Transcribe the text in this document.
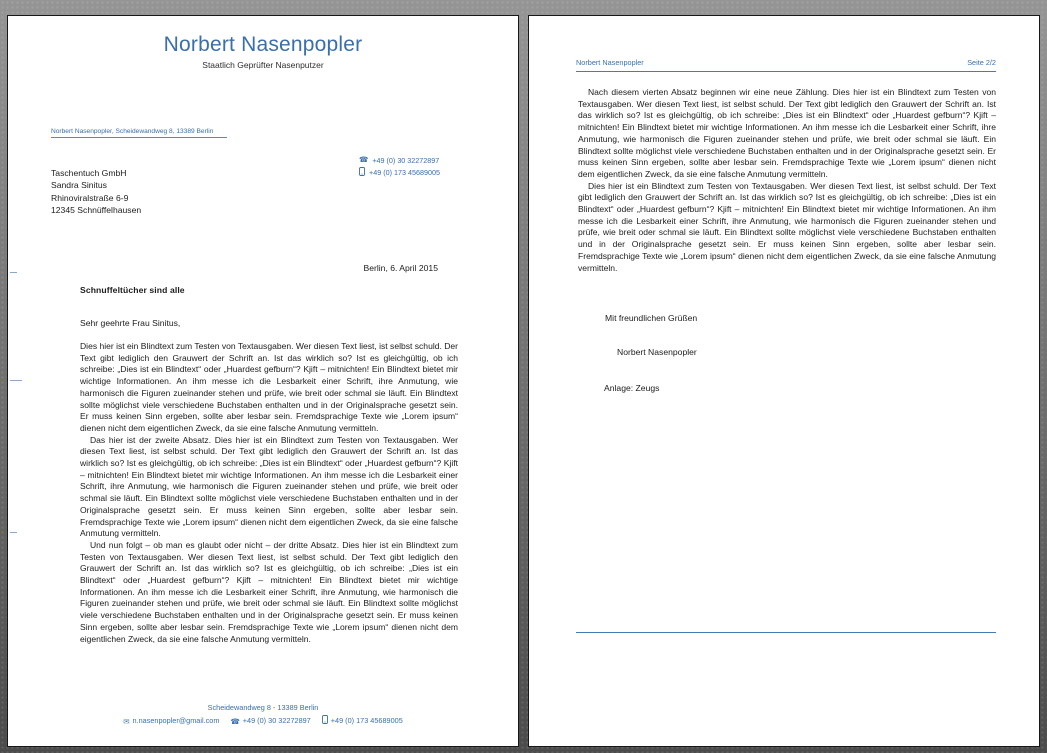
Norbert Nasenpopler
Staatlich Geprüfter Nasenputzer
Norbert Nasenpopler, Scheidewandweg 8, 13389 Berlin
☎ +49 (0) 30 32272897
+49 (0) 173 45689005
Taschentuch GmbH
Sandra Sinitus
Rhinoviralstraße 6-9
12345 Schnüffelhausen
Berlin, 6. April 2015
Schnuffeltücher sind alle
Sehr geehrte Frau Sinitus,

Dies hier ist ein Blindtext zum Testen von Textausgaben. Wer diesen Text liest, ist selbst schuld. Der Text gibt lediglich den Grauwert der Schrift an. Ist das wirklich so? Ist es gleichgültig, ob ich schreibe: „Dies ist ein Blindtext“ oder „Huardest gefburn“? Kjift – mitnichten! Ein Blindtext bietet mir wichtige Informationen. An ihm messe ich die Lesbarkeit einer Schrift, ihre Anmutung, wie harmonisch die Figuren zueinander stehen und prüfe, wie breit oder schmal sie läuft. Ein Blindtext sollte möglichst viele verschiedene Buchstaben enthalten und in der Originalsprache gesetzt sein. Er muss keinen Sinn ergeben, sollte aber lesbar sein. Fremdsprachige Texte wie „Lorem ipsum“ dienen nicht dem eigentlichen Zweck, da sie eine falsche Anmutung vermitteln.

Das hier ist der zweite Absatz. Dies hier ist ein Blindtext zum Testen von Textausgaben. Wer diesen Text liest, ist selbst schuld. Der Text gibt lediglich den Grauwert der Schrift an. Ist das wirklich so? Ist es gleichgültig, ob ich schreibe: „Dies ist ein Blindtext“ oder „Huardest gefburn“? Kjift – mitnichten! Ein Blindtext bietet mir wichtige Informationen. An ihm messe ich die Lesbarkeit einer Schrift, ihre Anmutung, wie harmonisch die Figuren zueinander stehen und prüfe, wie breit oder schmal sie läuft. Ein Blindtext sollte möglichst viele verschiedene Buchstaben enthalten und in der Originalsprache gesetzt sein. Er muss keinen Sinn ergeben, sollte aber lesbar sein. Fremdsprachige Texte wie „Lorem ipsum“ dienen nicht dem eigentlichen Zweck, da sie eine falsche Anmutung vermitteln.

Und nun folgt – ob man es glaubt oder nicht – der dritte Absatz. Dies hier ist ein Blindtext zum Testen von Textausgaben. Wer diesen Text liest, ist selbst schuld. Der Text gibt lediglich den Grauwert der Schrift an. Ist das wirklich so? Ist es gleichgültig, ob ich schreibe: „Dies ist ein Blindtext“ oder „Huardest gefburn“? Kjift – mitnichten! Ein Blindtext bietet mir wichtige Informationen. An ihm messe ich die Lesbarkeit einer Schrift, ihre Anmutung, wie harmonisch die Figuren zueinander stehen und prüfe, wie breit oder schmal sie läuft. Ein Blindtext sollte möglichst viele verschiedene Buchstaben enthalten und in der Originalsprache gesetzt sein. Er muss keinen Sinn ergeben, sollte aber lesbar sein. Fremdsprachige Texte wie „Lorem ipsum“ dienen nicht dem eigentlichen Zweck, da sie eine falsche Anmutung vermitteln.

Scheidewandweg 8 - 13389 Berlin
✉ n.nasenpopler@gmail.com ☎ +49 (0) 30 32272897	+49 (0) 173 45689005
Norbert Nasenpopler	Seite 2/2

Nach diesem vierten Absatz beginnen wir eine neue Zählung. Dies hier ist ein Blindtext zum Testen von Textausgaben. Wer diesen Text liest, ist selbst schuld. Der Text gibt lediglich den Grauwert der Schrift an. Ist das wirklich so? Ist es gleichgültig, ob ich schreibe: „Dies ist ein Blindtext“ oder „Huardest gefburn“? Kjift – mitnichten! Ein Blindtext bietet mir wichtige Informationen. An ihm messe ich die Lesbarkeit einer Schrift, ihre Anmutung, wie harmonisch die Figuren zueinander stehen und prüfe, wie breit oder schmal sie läuft. Ein Blindtext sollte möglichst viele verschiedene Buchstaben enthalten und in der Originalsprache gesetzt sein. Er muss keinen Sinn ergeben, sollte aber lesbar sein. Fremdsprachige Texte wie „Lorem ipsum“ dienen nicht dem eigentlichen Zweck, da sie eine falsche Anmutung vermitteln.

Dies hier ist ein Blindtext zum Testen von Textausgaben. Wer diesen Text liest, ist selbst schuld. Der Text gibt lediglich den Grauwert der Schrift an. Ist das wirklich so? Ist es gleichgültig, ob ich schreibe: „Dies ist ein Blindtext“ oder „Huardest gefburn“? Kjift – mitnichten! Ein Blindtext bietet mir wichtige Informationen. An ihm messe ich die Lesbarkeit einer Schrift, ihre Anmutung, wie harmonisch die Figuren zueinander stehen und prüfe, wie breit oder schmal sie läuft. Ein Blindtext sollte möglichst viele verschiedene Buchstaben enthalten und in der Originalsprache gesetzt sein. Er muss keinen Sinn ergeben, sollte aber lesbar sein. Fremdsprachige Texte wie „Lorem ipsum“ dienen nicht dem eigentlichen Zweck, da sie eine falsche Anmutung vermitteln.

Mit freundlichen Grüßen
Norbert Nasenpopler
Anlage: Zeugs
